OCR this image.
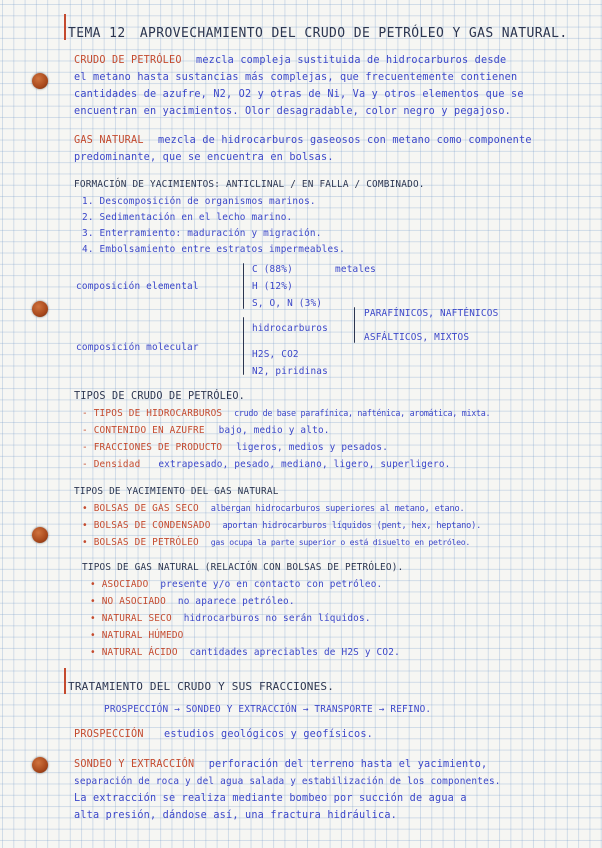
TEMA 12 APROVECHAMIENTO DEL CRUDO DE PETRÓLEO Y GAS NATURAL.
CRUDO DE PETRÓLEO mezcla compleja sustituida de hidrocarburos desde
el metano hasta sustancias más complejas, que frecuentemente contienen
cantidades de azufre, N2, O2 y otras de Ni, Va y otros elementos que se
encuentran en yacimientos. Olor desagradable, color negro y pegajoso.
GAS NATURAL mezcla de hidrocarburos gaseosos con metano como componente
predominante, que se encuentra en bolsas.
FORMACIÓN DE YACIMIENTOS: ANTICLINAL / EN FALLA / COMBINADO.
1. Descomposición de organismos marinos.
2. Sedimentación en el lecho marino.
3. Enterramiento: maduración y migración.
4. Embolsamiento entre estratos impermeables.
composición elemental
C (88%)	metales
H (12%)
S, O, N (3%)
composición molecular
hidrocarburos
PARAFÍNICOS, NAFTÉNICOS
ASFÁLTICOS, MIXTOS
H2S, CO2
N2, piridinas
TIPOS DE CRUDO DE PETRÓLEO.
- TIPOS DE HIDROCARBUROS crudo de base parafínica, nafténica, aromática, mixta.
- CONTENIDO EN AZUFRE bajo, medio y alto.
- FRACCIONES DE PRODUCTO ligeros, medios y pesados.
- Densidad extrapesado, pesado, mediano, ligero, superligero.
TIPOS DE YACIMIENTO DEL GAS NATURAL
• BOLSAS DE GAS SECO albergan hidrocarburos superiores al metano, etano.
• BOLSAS DE CONDENSADO aportan hidrocarburos líquidos (pent, hex, heptano).
• BOLSAS DE PETRÓLEO gas ocupa la parte superior o está disuelto en petróleo.
TIPOS DE GAS NATURAL (RELACIÓN CON BOLSAS DE PETRÓLEO).
• ASOCIADO presente y/o en contacto con petróleo.
• NO ASOCIADO no aparece petróleo.
• NATURAL SECO hidrocarburos no serán líquidos.
• NATURAL HÚMEDO
• NATURAL ÁCIDO cantidades apreciables de H2S y CO2.
TRATAMIENTO DEL CRUDO Y SUS FRACCIONES.
PROSPECCIÓN → SONDEO Y EXTRACCIÓN → TRANSPORTE → REFINO.
PROSPECCIÓN estudios geológicos y geofísicos.
SONDEO Y EXTRACCIÓN perforación del terreno hasta el yacimiento,
separación de roca y del agua salada y estabilización de los componentes.
La extracción se realiza mediante bombeo por succión de agua a
alta presión, dándose así, una fractura hidráulica.
